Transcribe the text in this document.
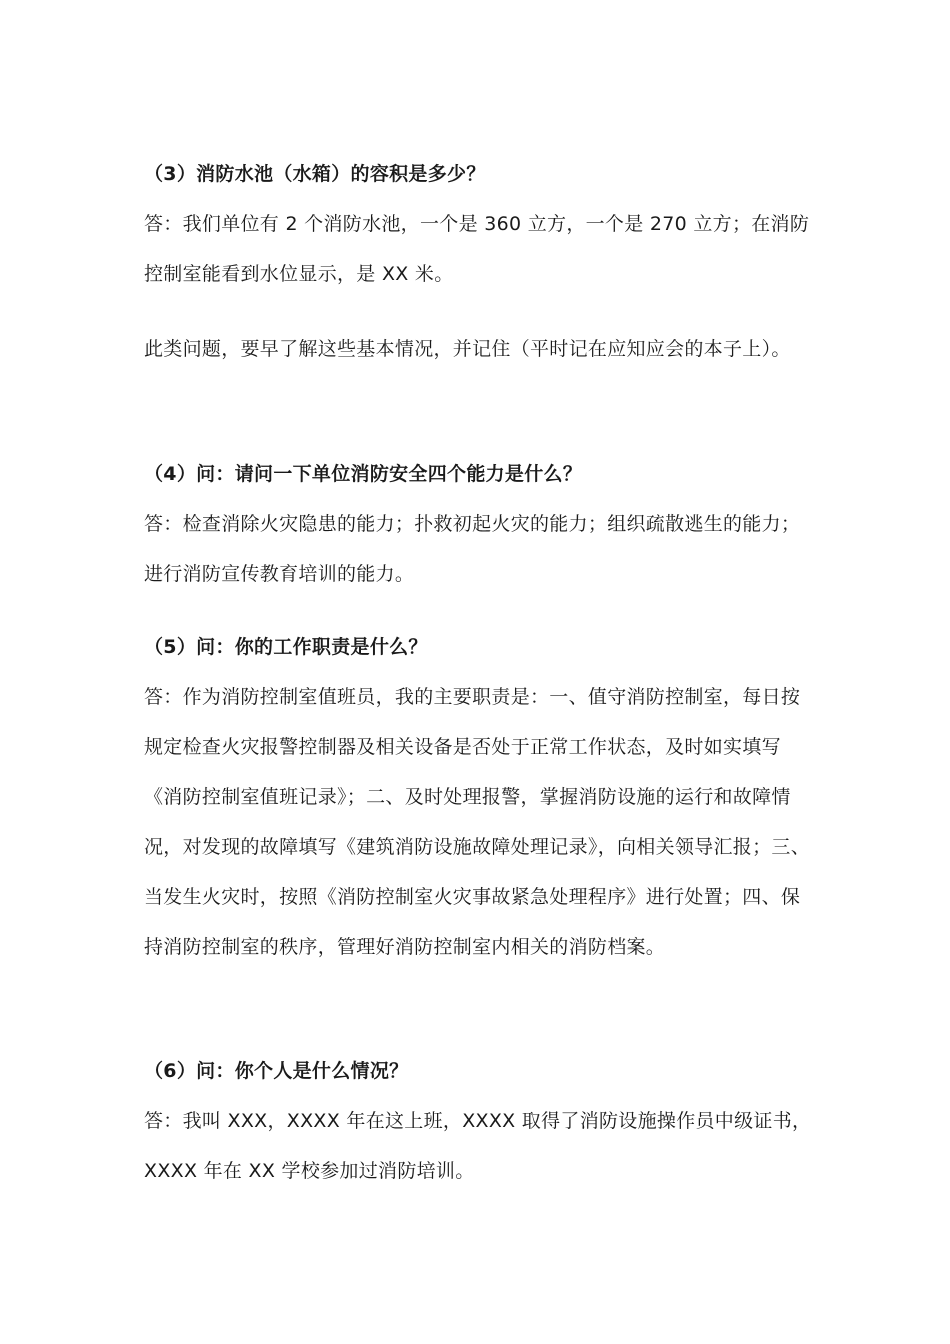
（3）消防水池（水箱）的容积是多少？

答：我们单位有 2 个消防水池，一个是 360 立方，一个是 270 立方；在消防控制室能看到水位显示，是 XX 米。

此类问题，要早了解这些基本情况，并记住（平时记在应知应会的本子上）。

（4）问：请问一下单位消防安全四个能力是什么？

答：检查消除火灾隐患的能力；扑救初起火灾的能力；组织疏散逃生的能力；进行消防宣传教育培训的能力。

（5）问：你的工作职责是什么？

答：作为消防控制室值班员，我的主要职责是：一、值守消防控制室，每日按规定检查火灾报警控制器及相关设备是否处于正常工作状态，及时如实填写《消防控制室值班记录》；二、及时处理报警，掌握消防设施的运行和故障情况，对发现的故障填写《建筑消防设施故障处理记录》，向相关领导汇报；三、当发生火灾时，按照《消防控制室火灾事故紧急处理程序》进行处置；四、保持消防控制室的秩序，管理好消防控制室内相关的消防档案。

（6）问：你个人是什么情况？

答：我叫 XXX，XXXX 年在这上班，XXXX 取得了消防设施操作员中级证书，XXXX 年在 XX 学校参加过消防培训。
